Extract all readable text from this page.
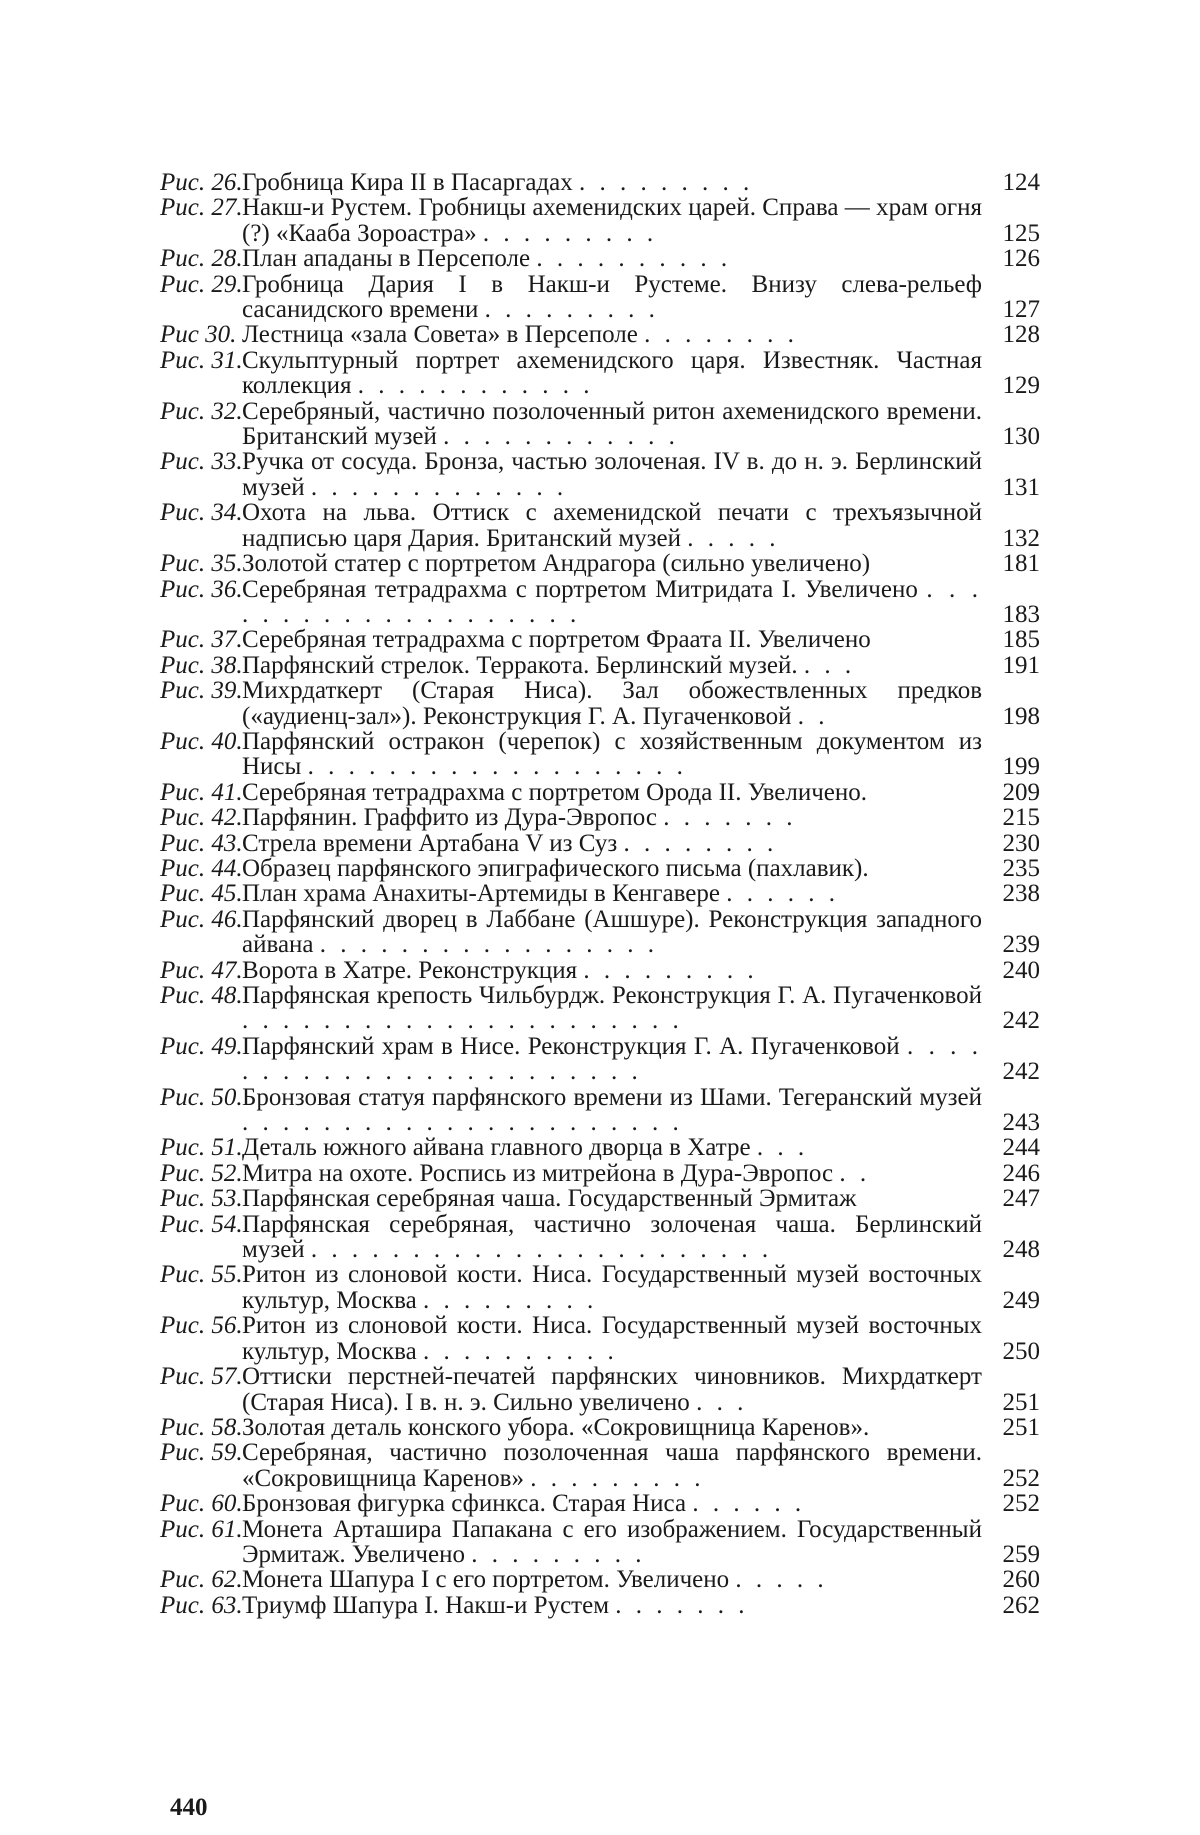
Рис. 26. Гробница Кира II в Пасаргадах . . . . . . . . .	124
Рис. 27. Накш-и Рустем. Гробницы ахеменидских царей. Справа — храм огня (?) «Кааба Зороастра» . . . . . . . . .	125
Рис. 28. План ападаны в Персеполе . . . . . . . . . .	126
Рис. 29. Гробница Дария I в Накш-и Рустеме. Внизу слева-рельеф сасанидского времени . . . . . . . . .	127
Рис 30. Лестница «зала Совета» в Персеполе . . . . . . . .	128
Рис. 31. Скульптурный портрет ахеменидского царя. Известняк. Частная коллекция . . . . . . . . . . . .	129
Рис. 32. Серебряный, частично позолоченный ритон ахеменидского времени. Британский музей . . . . . . . . . . . .	130
Рис. 33. Ручка от сосуда. Бронза, частью золоченая. IV в. до н. э. Берлинский музей . . . . . . . . . . . . .	131
Рис. 34. Охота на льва. Оттиск с ахеменидской печати с трехъязычной надписью царя Дария. Британский музей . . . . .	132
Рис. 35. Золотой статер с портретом Андрагора (сильно увеличено)	181
Рис. 36. Серебряная тетрадрахма с портретом Митридата I. Увеличено . . . . . . . . . . . . . . . . . . . .	183
Рис. 37. Серебряная тетрадрахма с портретом Фраата II. Увеличено	185
Рис. 38. Парфянский стрелок. Терракота. Берлинский музей. . . .	191
Рис. 39. Михрдаткерт (Старая Ниса). Зал обожествленных предков («аудиенц-зал»). Реконструкция Г. А. Пугаченковой . .	198
Рис. 40. Парфянский остракон (черепок) с хозяйственным документом из Нисы . . . . . . . . . . . . . . . . . . .	199
Рис. 41. Серебряная тетрадрахма с портретом Орода II. Увеличено.	209
Рис. 42. Парфянин. Граффито из Дура-Эвропос . . . . . . .	215
Рис. 43. Стрела времени Артабана V из Суз . . . . . . . .	230
Рис. 44. Образец парфянского эпиграфического письма (пахлавик).	235
Рис. 45. План храма Анахиты-Артемиды в Кенгавере . . . . . .	238
Рис. 46. Парфянский дворец в Лаббане (Ашшуре). Реконструкция западного айвана . . . . . . . . . . . . . . . . .	239
Рис. 47. Ворота в Хатре. Реконструкция . . . . . . . . .	240
Рис. 48. Парфянская крепость Чильбурдж. Реконструкция Г. А. Пугаченковой . . . . . . . . . . . . . . . . . . . . . .	242
Рис. 49. Парфянский храм в Нисе. Реконструкция Г. А. Пугаченковой . . . . . . . . . . . . . . . . . . . . . . . .	242
Рис. 50. Бронзовая статуя парфянского времени из Шами. Тегеранский музей . . . . . . . . . . . . . . . . . . . . . .	243
Рис. 51. Деталь южного айвана главного дворца в Хатре . . .	244
Рис. 52. Митра на охоте. Роспись из митрейона в Дура-Эвропос . .	246
Рис. 53. Парфянская серебряная чаша. Государственный Эрмитаж	247
Рис. 54. Парфянская серебряная, частично золоченая чаша. Берлинский музей . . . . . . . . . . . . . . . . . . . . . . .	248
Рис. 55. Ритон из слоновой кости. Ниса. Государственный музей восточных культур, Москва . . . . . . . . .	249
Рис. 56. Ритон из слоновой кости. Ниса. Государственный музей восточных культур, Москва . . . . . . . . . .	250
Рис. 57. Оттиски перстней-печатей парфянских чиновников. Михрдаткерт (Старая Ниса). I в. н. э. Сильно увеличено . . .	251
Рис. 58. Золотая деталь конского убора. «Сокровищница Каренов».	251
Рис. 59. Серебряная, частично позолоченная чаша парфянского времени. «Сокровищница Каренов» . . . . . . . . .	252
Рис. 60. Бронзовая фигурка сфинкса. Старая Ниса . . . . . .	252
Рис. 61. Монета Арташира Папакана с его изображением. Государственный Эрмитаж. Увеличено . . . . . . . . .	259
Рис. 62. Монета Шапура I с его портретом. Увеличено . . . . .	260
Рис. 63. Триумф Шапура I. Накш-и Рустем . . . . . . .	262
440
